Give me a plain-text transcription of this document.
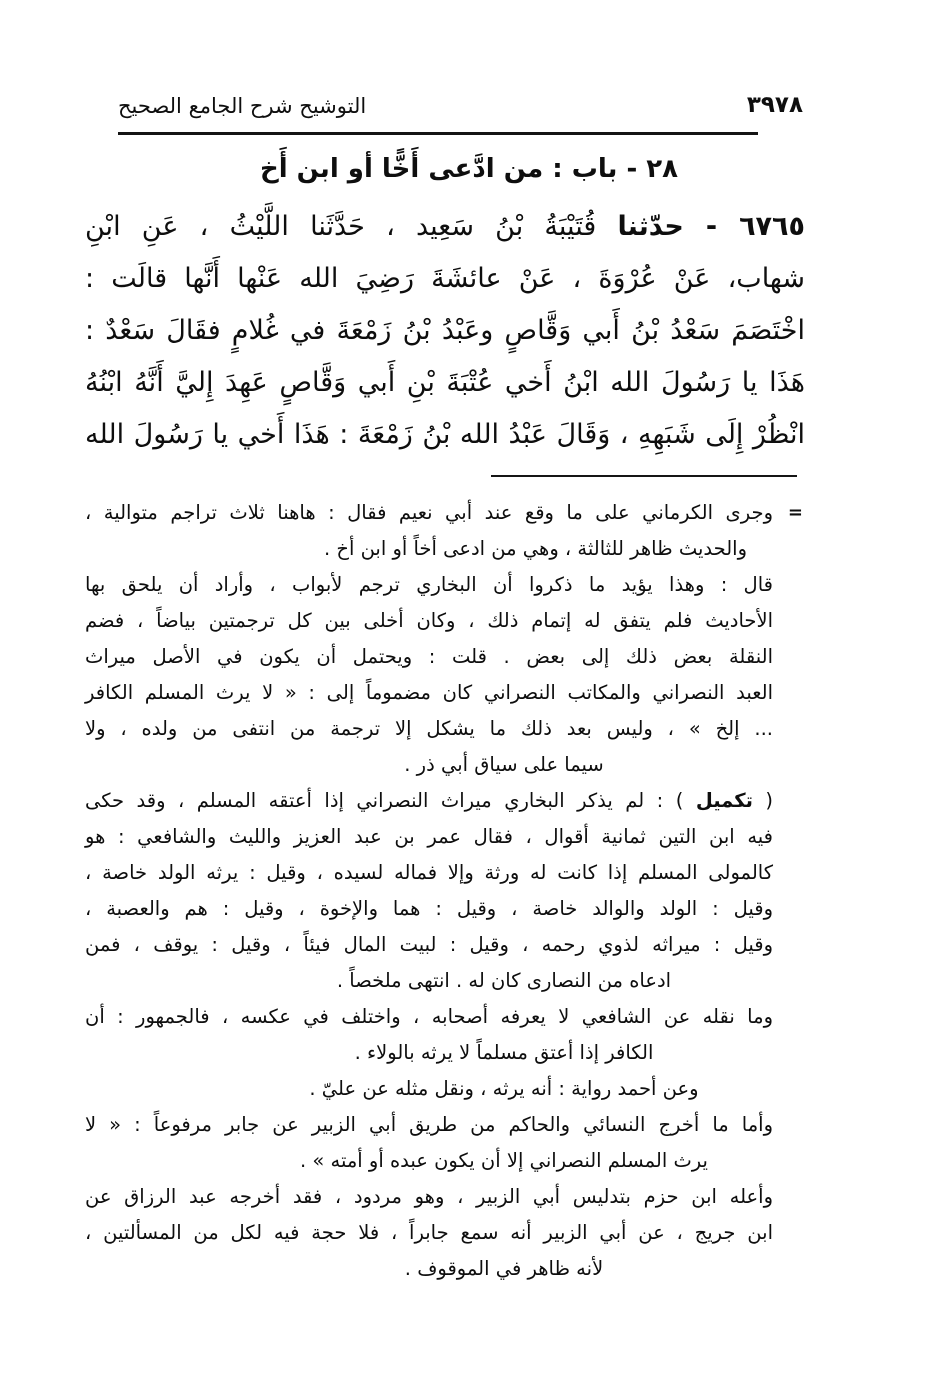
التوشيح شرح الجامع الصحيح	٣٩٧٨
٢٨ - باب : من ادَّعى أَخًّا أو ابن أَخ
٦٧٦٥ - حدّثنا قُتَيْبَةُ بْنُ سَعِيد ، حَدَّثَنا اللَّيْثُ ، عَنِ ابْنِ
شهاب، عَنْ عُرْوَةَ ، عَنْ عائشَةَ رَضِيَ الله عَنْها أَنَّها قالَت :
اخْتَصَمَ سَعْدُ بْنُ أَبي وَقَّاصٍ وعَبْدُ بْنُ زَمْعَةَ في غُلامٍ فقَالَ سَعْدٌ :
هَذَا يا رَسُولَ الله ابْنُ أَخي عُتْبَةَ بْنِ أَبي وَقَّاصٍ عَهِدَ إِليَّ أَنَّهُ ابْنُهُ
انْظُرْ إِلَى شَبَهِهِ ، وَقَالَ عَبْدُ الله بْنُ زَمْعَةَ : هَذَا أَخي يا رَسُولَ الله
=
وجرى الكرماني على ما وقع عند أبي نعيم فقال : هاهنا ثلاث تراجم متوالية ،
والحديث ظاهر للثالثة ، وهي من ادعى أخاً أو ابن أخ .
قال : وهذا يؤيد ما ذكروا أن البخاري ترجم لأبواب ، وأراد أن يلحق بها
الأحاديث فلم يتفق له إتمام ذلك ، وكان أخلى بين كل ترجمتين بياضاً ، فضم
النقلة بعض ذلك إلى بعض . قلت : ويحتمل أن يكون في الأصل ميراث
العبد النصراني والمكاتب النصراني كان مضموماً إلى : « لا يرث المسلم الكافر
... إلخ » ، وليس بعد ذلك ما يشكل إلا ترجمة من انتفى من ولده ، ولا
سيما على سياق أبي ذر .
( تكميل ) : لم يذكر البخاري ميراث النصراني إذا أعتقه المسلم ، وقد حكى
فيه ابن التين ثمانية أقوال ، فقال عمر بن عبد العزيز والليث والشافعي : هو
كالمولى المسلم إذا كانت له ورثة وإلا فماله لسيده ، وقيل : يرثه الولد خاصة ،
وقيل : الولد والوالد خاصة ، وقيل : هما والإخوة ، وقيل : هم والعصبة ،
وقيل : ميراثه لذوي رحمه ، وقيل : لبيت المال فيئاً ، وقيل : يوقف ، فمن
ادعاه من النصارى كان له . انتهى ملخصاً .
وما نقله عن الشافعي لا يعرفه أصحابه ، واختلف في عكسه ، فالجمهور : أن
الكافر إذا أعتق مسلماً لا يرثه بالولاء .
وعن أحمد رواية : أنه يرثه ، ونقل مثله عن عليّ .
وأما ما أخرج النسائي والحاكم من طريق أبي الزبير عن جابر مرفوعاً : « لا
يرث المسلم النصراني إلا أن يكون عبده أو أمته » .
وأعله ابن حزم بتدليس أبي الزبير ، وهو مردود ، فقد أخرجه عبد الرزاق عن
ابن جريج ، عن أبي الزبير أنه سمع جابراً ، فلا حجة فيه لكل من المسألتين ،
لأنه ظاهر في الموقوف .
